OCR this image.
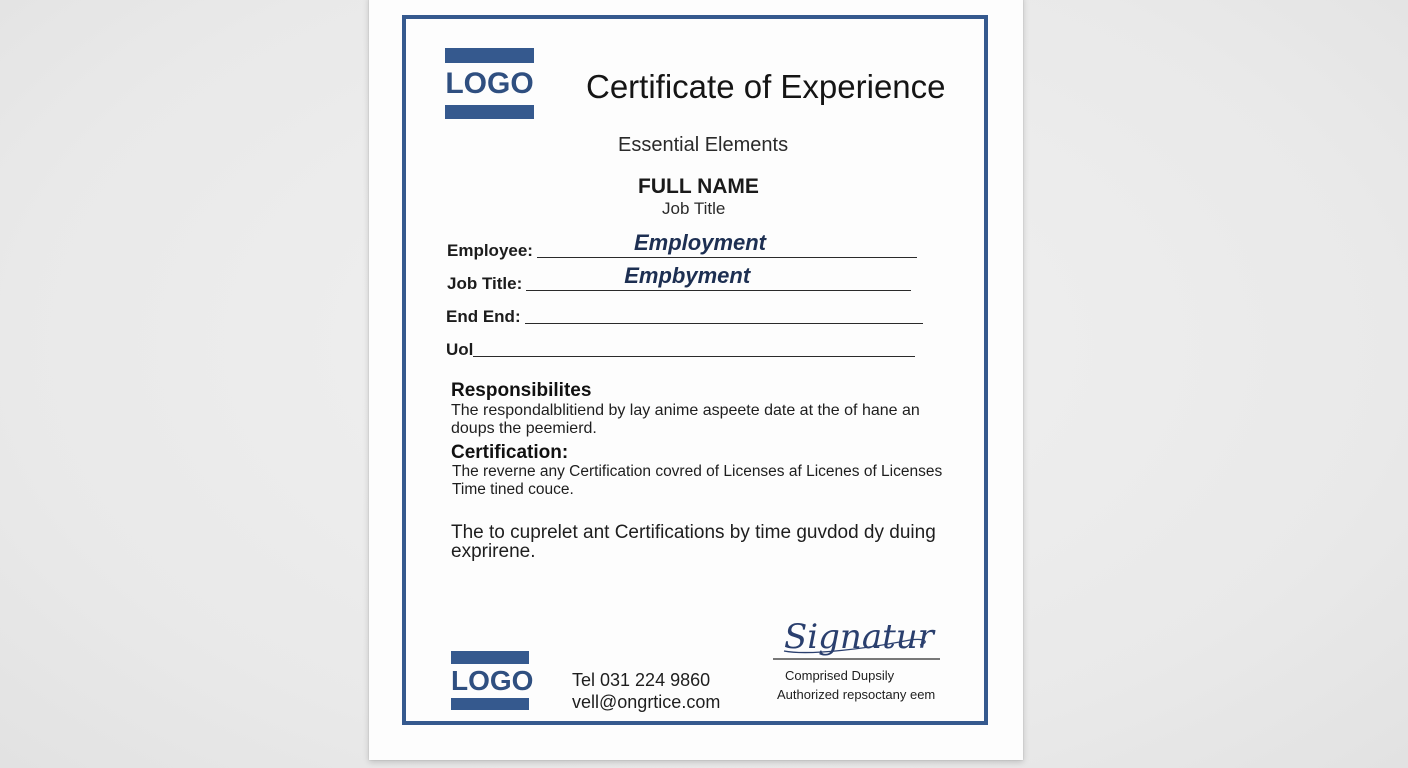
LOGO Certificate of Experience
Essential Elements
FULL NAME
Job Title
Employee:	Employment
Job Title:	Empbyment
End End:
Uol
Responsibilites
The respondalblitiend by lay anime aspeete date at the of hane an
doups the peemierd.
Certification:
The reverne any Certification covred of Licenses af Licenes of Licenses
Time tined couce.
The to cuprelet ant Certifications by time guvdod dy duing
exprirene.
LOGO Tel 031 224 9860
vell@ongrtice.com
Signatur
Comprised Dupsily
Authorized repsoctany eem
